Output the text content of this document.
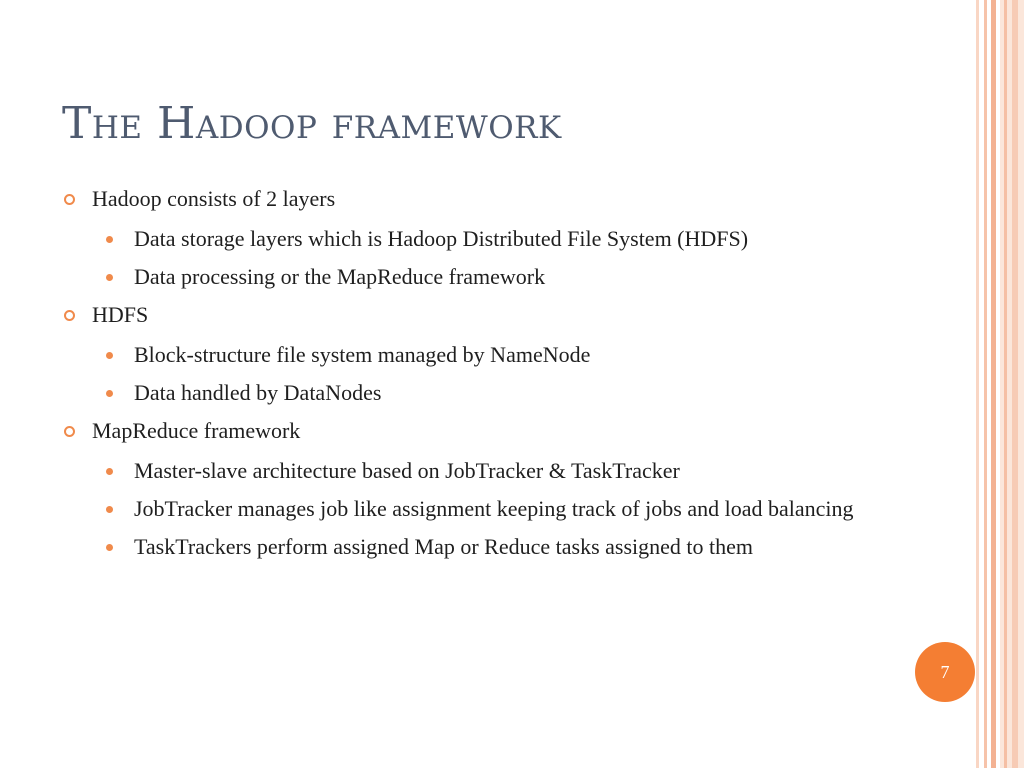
The Hadoop framework
Hadoop consists of 2 layers
Data storage layers which is Hadoop Distributed File System (HDFS)
Data processing or the MapReduce framework
HDFS
Block-structure file system managed by NameNode
Data handled by DataNodes
MapReduce framework
Master-slave architecture based on JobTracker & TaskTracker
JobTracker manages job like assignment keeping track of jobs and load balancing
TaskTrackers perform assigned Map or Reduce tasks assigned to them
7
